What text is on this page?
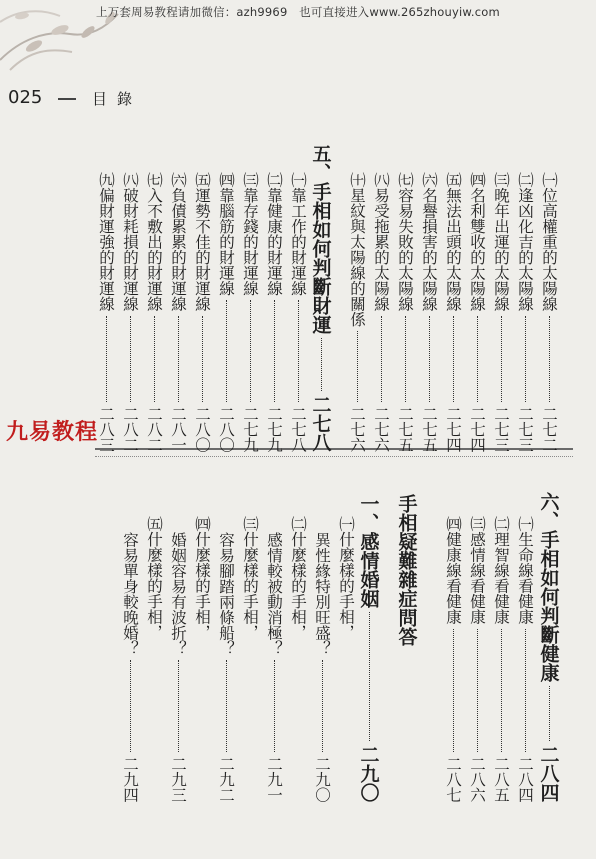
上万套周易教程请加微信：azh9969　也可直接进入www.265zhouyiw.com
025	目錄
九易教程
五、手相如何判斷財運
二七八
㈠靠工作的財運線
二七八
㈡靠健康的財運線
二七九
㈢靠存錢的財運線
二七九
㈣靠腦筋的財運線
二八〇
㈤運勢不佳的財運線
二八〇
㈥負債累累的財運線
二八一
㈦入不敷出的財運線
二八二
㈧破財耗損的財運線
二八二
㈨偏財運強的財運線
二八三
㈠位高權重的太陽線
二七二
㈡逢凶化吉的太陽線
二七三
㈢晚年出運的太陽線
二七三
㈣名利雙收的太陽線
二七四
㈤無法出頭的太陽線
二七四
㈥名譽損害的太陽線
二七五
㈦容易失敗的太陽線
二七五
㈧易受拖累的太陽線
二七六
㈩星紋與太陽線的關係
二七六
六、手相如何判斷健康
二八四
㈠生命線看健康
二八四
㈡理智線看健康
二八五
㈢感情線看健康
二八六
㈣健康線看健康
二八七
手相疑難雜症問答
一、感情婚姻
二九〇
㈠什麼樣的手相，
異性緣特別旺盛？
二九〇
㈡什麼樣的手相，
感情較被動消極？
二九一
㈢什麼樣的手相，
容易腳踏兩條船？
二九二
㈣什麼樣的手相，
婚姻容易有波折？
二九三
㈤什麼樣的手相，
容易單身較晚婚？
二九四
